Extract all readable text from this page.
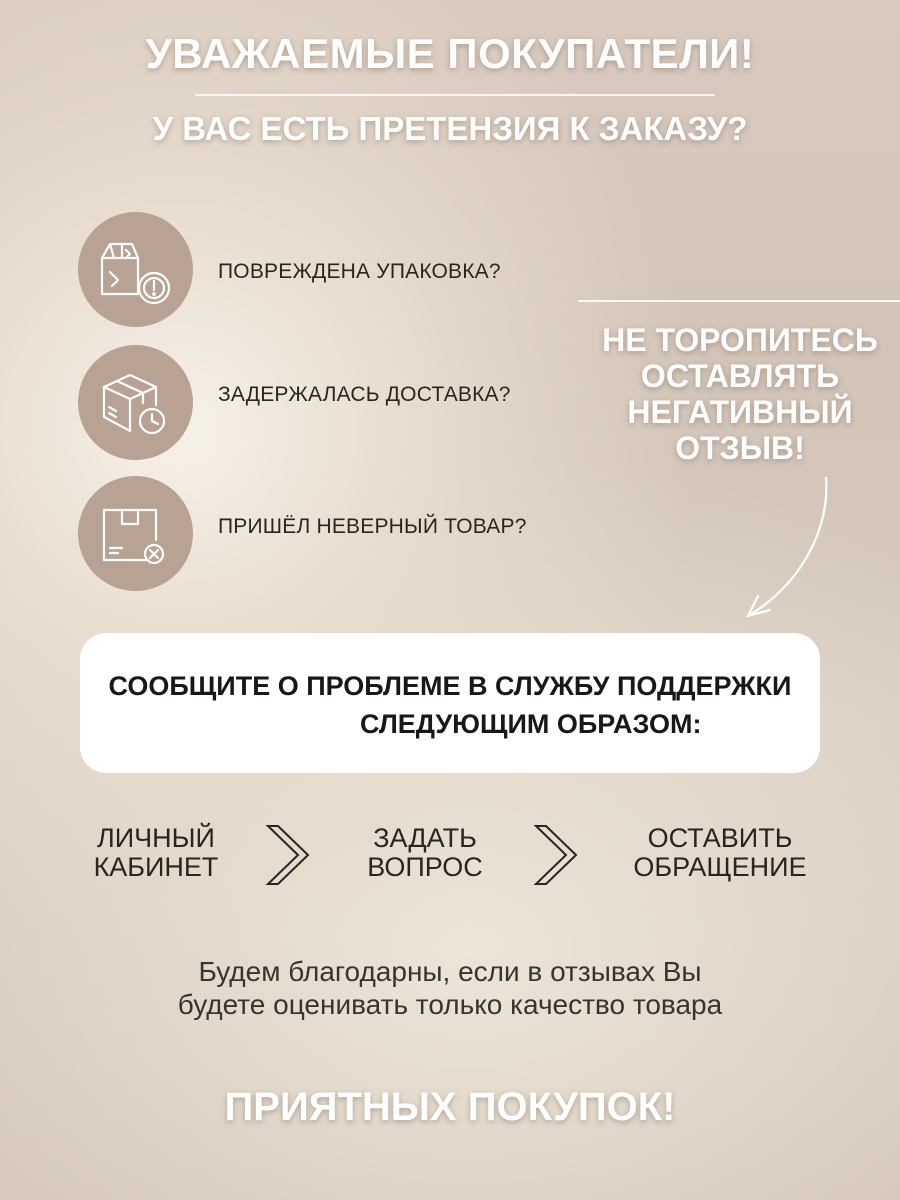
УВАЖАЕМЫЕ ПОКУПАТЕЛИ!
У ВАС ЕСТЬ ПРЕТЕНЗИЯ К ЗАКАЗУ?
ПОВРЕЖДЕНА УПАКОВКА?
ЗАДЕРЖАЛАСЬ ДОСТАВКА?
ПРИШЁЛ НЕВЕРНЫЙ ТОВАР?
НЕ ТОРОПИТЕСЬ
ОСТАВЛЯТЬ
НЕГАТИВНЫЙ
ОТЗЫВ!
СООБЩИТЕ О ПРОБЛЕМЕ В СЛУЖБУ ПОДДЕРЖКИ
СЛЕДУЮЩИМ ОБРАЗОМ:
ЛИЧНЫЙ
КАБИНЕТ
ЗАДАТЬ
ВОПРОС
ОСТАВИТЬ
ОБРАЩЕНИЕ
Будем благодарны, если в отзывах Вы
будете оценивать только качество товара
ПРИЯТНЫХ ПОКУПОК!
